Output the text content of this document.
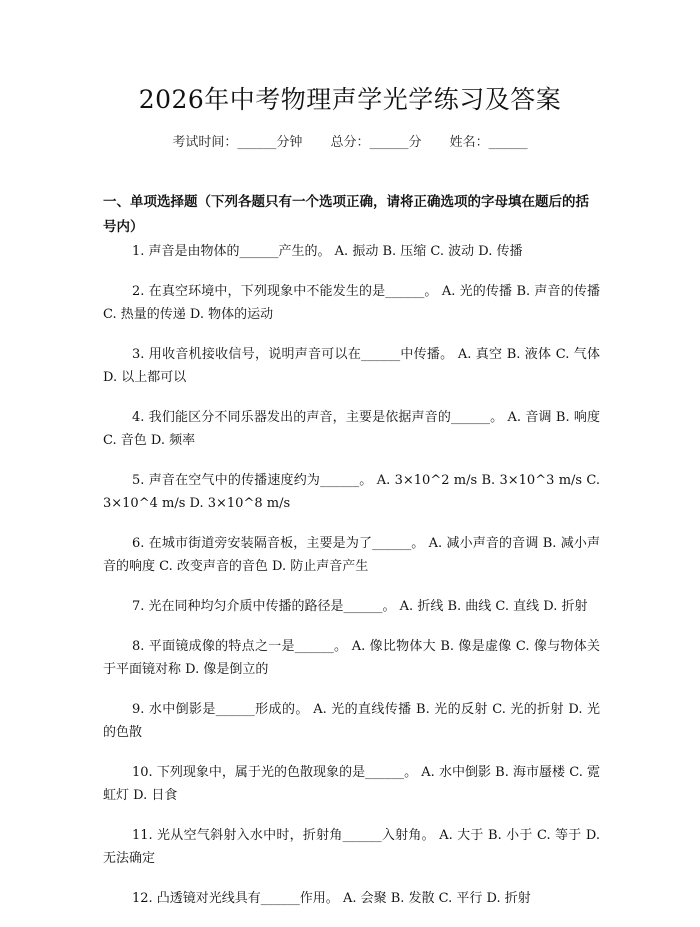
2026年中考物理声学光学练习及答案
考试时间：______分钟 总分：______分 姓名：______
一、单项选择题（下列各题只有一个选项正确，请将正确选项的字母填在题后的括号内）

1. 声音是由物体的______产生的。 A. 振动 B. 压缩 C. 波动 D. 传播

2. 在真空环境中，下列现象中不能发生的是______。 A. 光的传播 B. 声音的传播 C. 热量的传递 D. 物体的运动

3. 用收音机接收信号，说明声音可以在______中传播。 A. 真空 B. 液体 C. 气体 D. 以上都可以

4. 我们能区分不同乐器发出的声音，主要是依据声音的______。 A. 音调 B. 响度 C. 音色 D. 频率

5. 声音在空气中的传播速度约为______。 A. 3×10^2 m/s B. 3×10^3 m/s C. 3×10^4 m/s D. 3×10^8 m/s

6. 在城市街道旁安装隔音板，主要是为了______。 A. 减小声音的音调 B. 减小声音的响度 C. 改变声音的音色 D. 防止声音产生

7. 光在同种均匀介质中传播的路径是______。 A. 折线 B. 曲线 C. 直线 D. 折射

8. 平面镜成像的特点之一是______。 A. 像比物体大 B. 像是虚像 C. 像与物体关于平面镜对称 D. 像是倒立的

9. 水中倒影是______形成的。 A. 光的直线传播 B. 光的反射 C. 光的折射 D. 光的色散

10. 下列现象中，属于光的色散现象的是______。 A. 水中倒影 B. 海市蜃楼 C. 霓虹灯 D. 日食

11. 光从空气斜射入水中时，折射角______入射角。 A. 大于 B. 小于 C. 等于 D. 无法确定

12. 凸透镜对光线具有______作用。 A. 会聚 B. 发散 C. 平行 D. 折射
